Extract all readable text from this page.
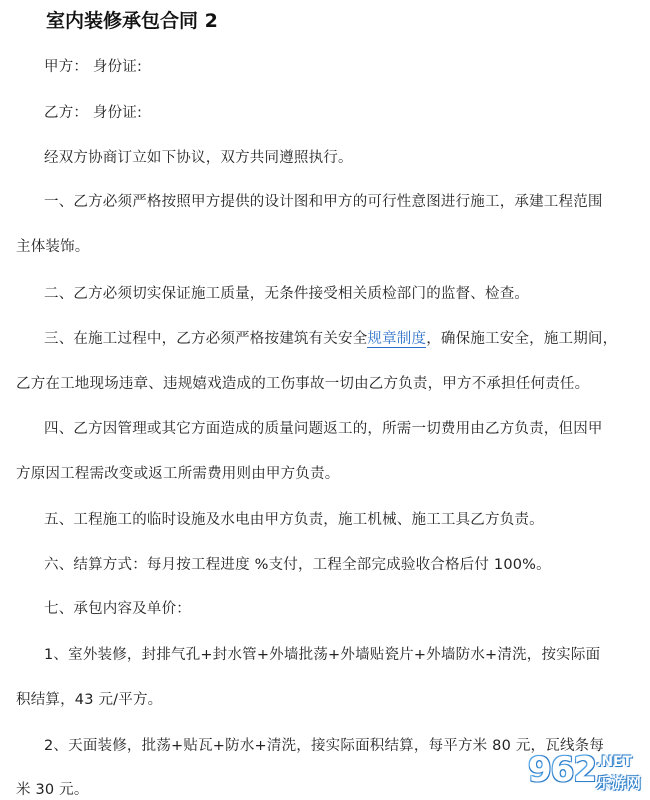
室内装修承包合同 2

甲方： 身份证:

乙方： 身份证:

经双方协商订立如下协议，双方共同遵照执行。

一、乙方必须严格按照甲方提供的设计图和甲方的可行性意图进行施工，承建工程范围

主体装饰。

二、乙方必须切实保证施工质量，无条件接受相关质检部门的监督、检查。

三、在施工过程中，乙方必须严格按建筑有关安全规章制度，确保施工安全，施工期间，

乙方在工地现场违章、违规嬉戏造成的工伤事故一切由乙方负责，甲方不承担任何责任。

四、乙方因管理或其它方面造成的质量问题返工的，所需一切费用由乙方负责，但因甲

方原因工程需改变或返工所需费用则由甲方负责。

五、工程施工的临时设施及水电由甲方负责，施工机械、施工工具乙方负责。

六、结算方式：每月按工程进度 %支付，工程全部完成验收合格后付 100%。

七、承包内容及单价：

1、室外装修，封排气孔+封水管+外墙批荡+外墙贴瓷片+外墙防水+清洗，按实际面

积结算，43 元/平方。

2、天面装修，批荡+贴瓦+防水+清洗，接实际面积结算，每平方米 80 元，瓦线条每

米 30 元。	962 .NET
乐游网
